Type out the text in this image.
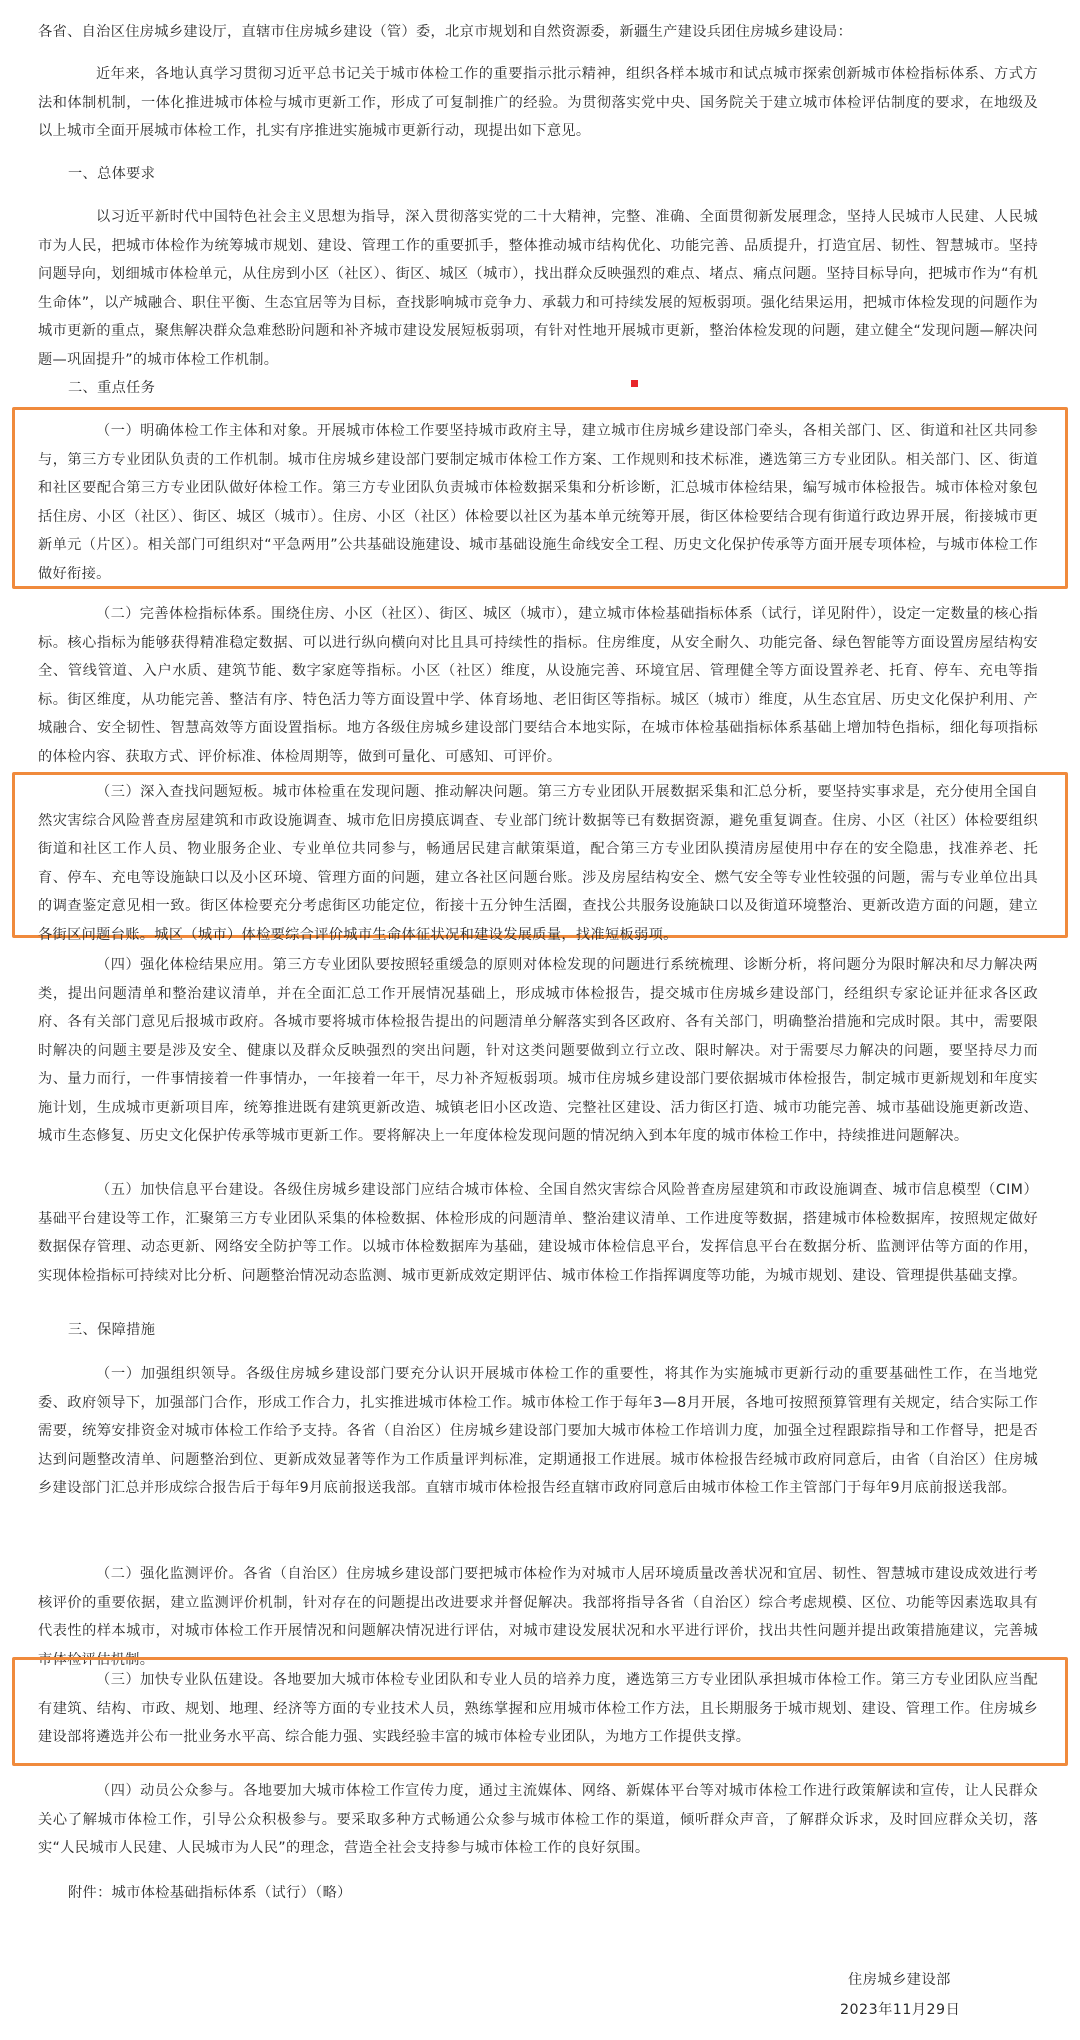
各省、自治区住房城乡建设厅，直辖市住房城乡建设（管）委，北京市规划和自然资源委，新疆生产建设兵团住房城乡建设局：

近年来，各地认真学习贯彻习近平总书记关于城市体检工作的重要指示批示精神，组织各样本城市和试点城市探索创新城市体检指标体系、方式方法和体制机制，一体化推进城市体检与城市更新工作，形成了可复制推广的经验。为贯彻落实党中央、国务院关于建立城市体检评估制度的要求，在地级及以上城市全面开展城市体检工作，扎实有序推进实施城市更新行动，现提出如下意见。

一、总体要求

以习近平新时代中国特色社会主义思想为指导，深入贯彻落实党的二十大精神，完整、准确、全面贯彻新发展理念，坚持人民城市人民建、人民城市为人民，把城市体检作为统筹城市规划、建设、管理工作的重要抓手，整体推动城市结构优化、功能完善、品质提升，打造宜居、韧性、智慧城市。坚持问题导向，划细城市体检单元，从住房到小区（社区）、街区、城区（城市），找出群众反映强烈的难点、堵点、痛点问题。坚持目标导向，把城市作为“有机生命体”，以产城融合、职住平衡、生态宜居等为目标，查找影响城市竞争力、承载力和可持续发展的短板弱项。强化结果运用，把城市体检发现的问题作为城市更新的重点，聚焦解决群众急难愁盼问题和补齐城市建设发展短板弱项，有针对性地开展城市更新，整治体检发现的问题，建立健全“发现问题—解决问题—巩固提升”的城市体检工作机制。

二、重点任务

（一）明确体检工作主体和对象。开展城市体检工作要坚持城市政府主导，建立城市住房城乡建设部门牵头，各相关部门、区、街道和社区共同参与，第三方专业团队负责的工作机制。城市住房城乡建设部门要制定城市体检工作方案、工作规则和技术标准，遴选第三方专业团队。相关部门、区、街道和社区要配合第三方专业团队做好体检工作。第三方专业团队负责城市体检数据采集和分析诊断，汇总城市体检结果，编写城市体检报告。城市体检对象包括住房、小区（社区）、街区、城区（城市）。住房、小区（社区）体检要以社区为基本单元统筹开展，街区体检要结合现有街道行政边界开展，衔接城市更新单元（片区）。相关部门可组织对“平急两用”公共基础设施建设、城市基础设施生命线安全工程、历史文化保护传承等方面开展专项体检，与城市体检工作做好衔接。

（二）完善体检指标体系。围绕住房、小区（社区）、街区、城区（城市），建立城市体检基础指标体系（试行，详见附件），设定一定数量的核心指标。核心指标为能够获得精准稳定数据、可以进行纵向横向对比且具可持续性的指标。住房维度，从安全耐久、功能完备、绿色智能等方面设置房屋结构安全、管线管道、入户水质、建筑节能、数字家庭等指标。小区（社区）维度，从设施完善、环境宜居、管理健全等方面设置养老、托育、停车、充电等指标。街区维度，从功能完善、整洁有序、特色活力等方面设置中学、体育场地、老旧街区等指标。城区（城市）维度，从生态宜居、历史文化保护利用、产城融合、安全韧性、智慧高效等方面设置指标。地方各级住房城乡建设部门要结合本地实际，在城市体检基础指标体系基础上增加特色指标，细化每项指标的体检内容、获取方式、评价标准、体检周期等，做到可量化、可感知、可评价。

（三）深入查找问题短板。城市体检重在发现问题、推动解决问题。第三方专业团队开展数据采集和汇总分析，要坚持实事求是，充分使用全国自然灾害综合风险普查房屋建筑和市政设施调查、城市危旧房摸底调查、专业部门统计数据等已有数据资源，避免重复调查。住房、小区（社区）体检要组织街道和社区工作人员、物业服务企业、专业单位共同参与，畅通居民建言献策渠道，配合第三方专业团队摸清房屋使用中存在的安全隐患，找准养老、托育、停车、充电等设施缺口以及小区环境、管理方面的问题，建立各社区问题台账。涉及房屋结构安全、燃气安全等专业性较强的问题，需与专业单位出具的调查鉴定意见相一致。街区体检要充分考虑街区功能定位，衔接十五分钟生活圈，查找公共服务设施缺口以及街道环境整治、更新改造方面的问题，建立各街区问题台账。城区（城市）体检要综合评价城市生命体征状况和建设发展质量，找准短板弱项。

（四）强化体检结果应用。第三方专业团队要按照轻重缓急的原则对体检发现的问题进行系统梳理、诊断分析，将问题分为限时解决和尽力解决两类，提出问题清单和整治建议清单，并在全面汇总工作开展情况基础上，形成城市体检报告，提交城市住房城乡建设部门，经组织专家论证并征求各区政府、各有关部门意见后报城市政府。各城市要将城市体检报告提出的问题清单分解落实到各区政府、各有关部门，明确整治措施和完成时限。其中，需要限时解决的问题主要是涉及安全、健康以及群众反映强烈的突出问题，针对这类问题要做到立行立改、限时解决。对于需要尽力解决的问题，要坚持尽力而为、量力而行，一件事情接着一件事情办，一年接着一年干，尽力补齐短板弱项。城市住房城乡建设部门要依据城市体检报告，制定城市更新规划和年度实施计划，生成城市更新项目库，统筹推进既有建筑更新改造、城镇老旧小区改造、完整社区建设、活力街区打造、城市功能完善、城市基础设施更新改造、城市生态修复、历史文化保护传承等城市更新工作。要将解决上一年度体检发现问题的情况纳入到本年度的城市体检工作中，持续推进问题解决。

（五）加快信息平台建设。各级住房城乡建设部门应结合城市体检、全国自然灾害综合风险普查房屋建筑和市政设施调查、城市信息模型（CIM）基础平台建设等工作，汇聚第三方专业团队采集的体检数据、体检形成的问题清单、整治建议清单、工作进度等数据，搭建城市体检数据库，按照规定做好数据保存管理、动态更新、网络安全防护等工作。以城市体检数据库为基础，建设城市体检信息平台，发挥信息平台在数据分析、监测评估等方面的作用，实现体检指标可持续对比分析、问题整治情况动态监测、城市更新成效定期评估、城市体检工作指挥调度等功能，为城市规划、建设、管理提供基础支撑。

三、保障措施

（一）加强组织领导。各级住房城乡建设部门要充分认识开展城市体检工作的重要性，将其作为实施城市更新行动的重要基础性工作，在当地党委、政府领导下，加强部门合作，形成工作合力，扎实推进城市体检工作。城市体检工作于每年3—8月开展，各地可按照预算管理有关规定，结合实际工作需要，统筹安排资金对城市体检工作给予支持。各省（自治区）住房城乡建设部门要加大城市体检工作培训力度，加强全过程跟踪指导和工作督导，把是否达到问题整改清单、问题整治到位、更新成效显著等作为工作质量评判标准，定期通报工作进展。城市体检报告经城市政府同意后，由省（自治区）住房城乡建设部门汇总并形成综合报告后于每年9月底前报送我部。直辖市城市体检报告经直辖市政府同意后由城市体检工作主管部门于每年9月底前报送我部。

（二）强化监测评价。各省（自治区）住房城乡建设部门要把城市体检作为对城市人居环境质量改善状况和宜居、韧性、智慧城市建设成效进行考核评价的重要依据，建立监测评价机制，针对存在的问题提出改进要求并督促解决。我部将指导各省（自治区）综合考虑规模、区位、功能等因素选取具有代表性的样本城市，对城市体检工作开展情况和问题解决情况进行评估，对城市建设发展状况和水平进行评价，找出共性问题并提出政策措施建议，完善城市体检评估机制。

（三）加快专业队伍建设。各地要加大城市体检专业团队和专业人员的培养力度，遴选第三方专业团队承担城市体检工作。第三方专业团队应当配有建筑、结构、市政、规划、地理、经济等方面的专业技术人员，熟练掌握和应用城市体检工作方法，且长期服务于城市规划、建设、管理工作。住房城乡建设部将遴选并公布一批业务水平高、综合能力强、实践经验丰富的城市体检专业团队，为地方工作提供支撑。

（四）动员公众参与。各地要加大城市体检工作宣传力度，通过主流媒体、网络、新媒体平台等对城市体检工作进行政策解读和宣传，让人民群众关心了解城市体检工作，引导公众积极参与。要采取多种方式畅通公众参与城市体检工作的渠道，倾听群众声音，了解群众诉求，及时回应群众关切，落实“人民城市人民建、人民城市为人民”的理念，营造全社会支持参与城市体检工作的良好氛围。

附件：城市体检基础指标体系（试行）（略）

住房城乡建设部

2023年11月29日
